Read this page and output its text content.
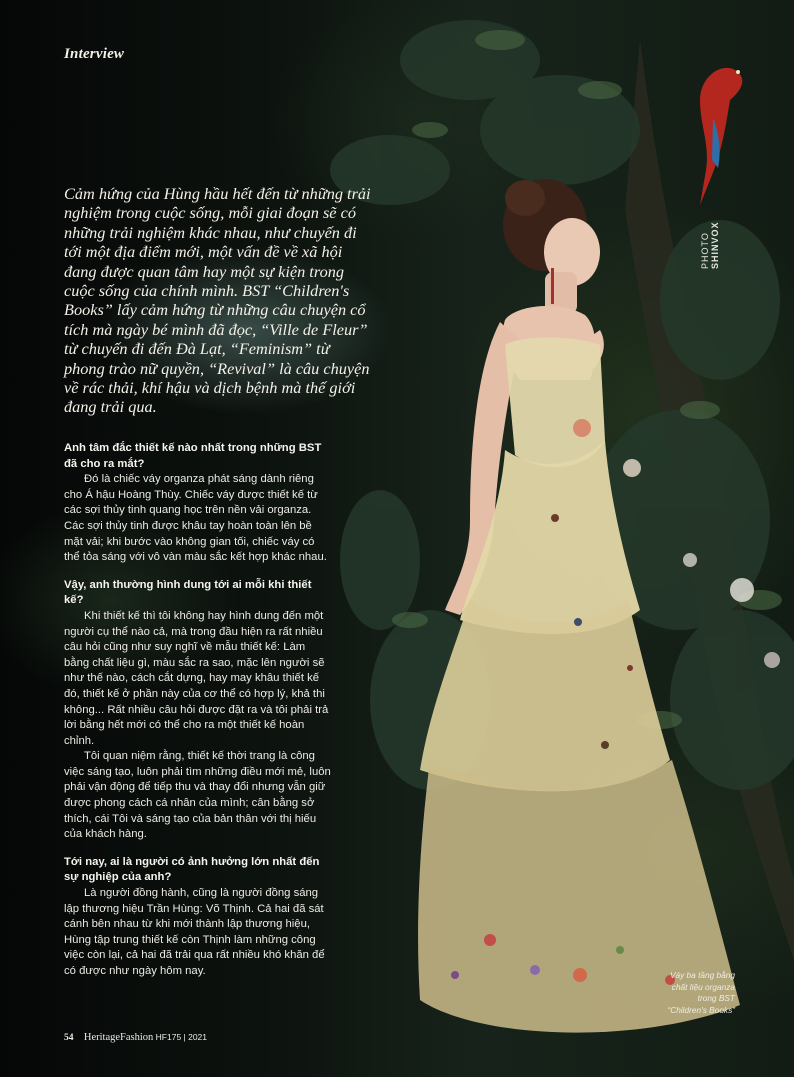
Interview
PHOTO SHINVOX
Cảm hứng của Hùng hầu hết đến từ những trải nghiệm trong cuộc sống, mỗi giai đoạn sẽ có những trải nghiệm khác nhau, như chuyến đi tới một địa điểm mới, một vấn đề về xã hội đang được quan tâm hay một sự kiện trong cuộc sống của chính mình. BST “Children's Books” lấy cảm hứng từ những câu chuyện cổ tích mà ngày bé mình đã đọc, “Ville de Fleur” từ chuyến đi đến Đà Lạt, “Feminism” từ phong trào nữ quyền, “Revival” là câu chuyện về rác thải, khí hậu và dịch bệnh mà thế giới đang trải qua.

Anh tâm đắc thiết kế nào nhất trong những BST đã cho ra mắt?

Đó là chiếc váy organza phát sáng dành riêng cho Á hậu Hoàng Thùy. Chiếc váy được thiết kế từ các sợi thủy tinh quang học trên nền vải organza. Các sợi thủy tinh được khâu tay hoàn toàn lên bề mặt vải; khi bước vào không gian tối, chiếc váy có thể tỏa sáng với vô vàn màu sắc kết hợp khác nhau.

Vậy, anh thường hình dung tới ai mỗi khi thiết kế?

Khi thiết kế thì tôi không hay hình dung đến một người cụ thể nào cả, mà trong đầu hiện ra rất nhiều câu hỏi cũng như suy nghĩ về mẫu thiết kế: Làm bằng chất liệu gì, màu sắc ra sao, mặc lên người sẽ như thế nào, cách cắt dựng, hay may khâu thiết kế đó, thiết kế ở phần này của cơ thể có hợp lý, khả thi không... Rất nhiều câu hỏi được đặt ra và tôi phải trả lời bằng hết mới có thể cho ra một thiết kế hoàn chỉnh.

Tôi quan niệm rằng, thiết kế thời trang là công việc sáng tạo, luôn phải tìm những điều mới mẻ, luôn phải vận động để tiếp thu và thay đổi nhưng vẫn giữ được phong cách cá nhân của mình; cân bằng sở thích, cái Tôi và sáng tạo của bản thân với thị hiếu của khách hàng.

Tới nay, ai là người có ảnh hưởng lớn nhất đến sự nghiệp của anh?

Là người đồng hành, cũng là người đồng sáng lập thương hiệu Trần Hùng: Võ Thịnh. Cả hai đã sát cánh bên nhau từ khi mới thành lập thương hiệu, Hùng tập trung thiết kế còn Thịnh làm những công việc còn lại, cả hai đã trải qua rất nhiều khó khăn để có được như ngày hôm nay.	Váy ba tầng bằng chất liệu organza trong BST “Children's Books”
54 HeritageFashion HF175 | 2021
